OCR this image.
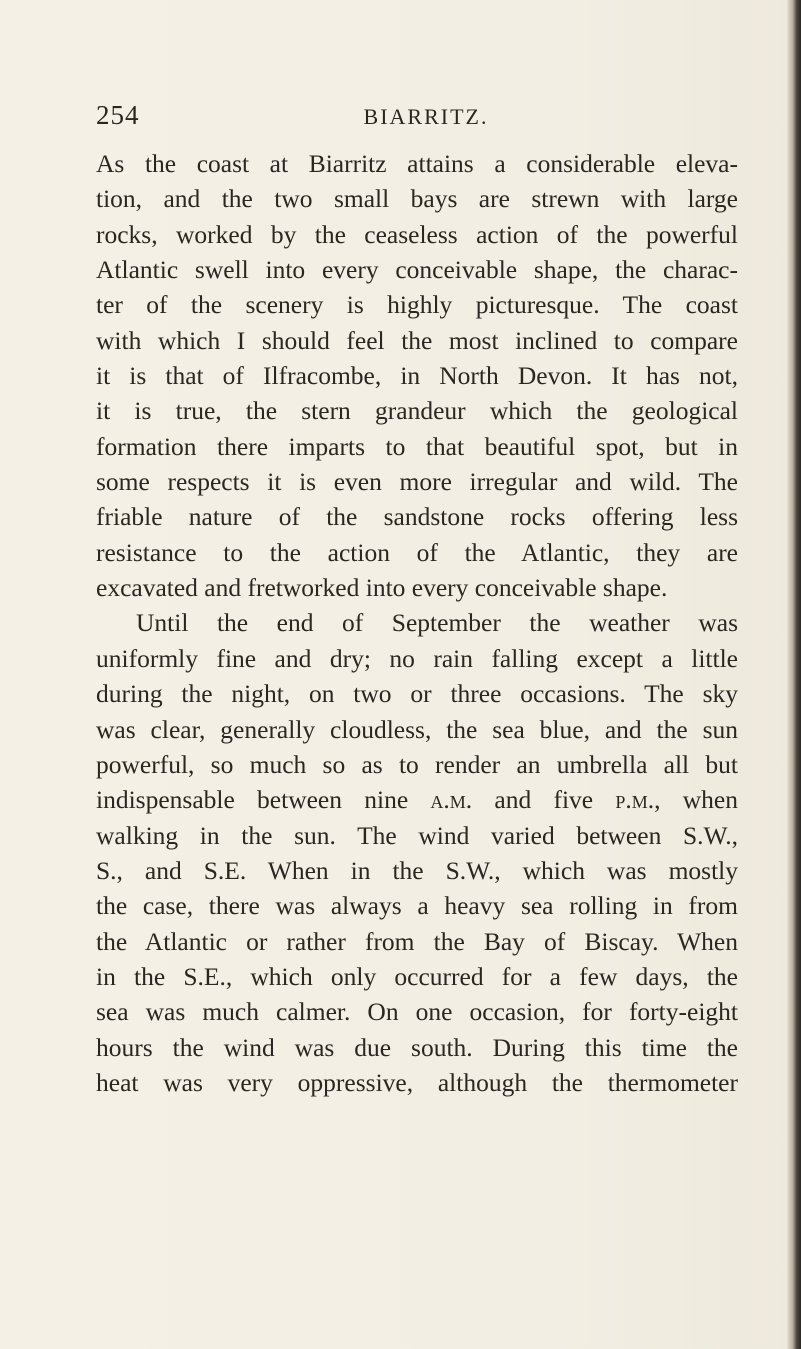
254	BIARRITZ.
As the coast at Biarritz attains a considerable eleva-
tion, and the two small bays are strewn with large
rocks, worked by the ceaseless action of the powerful
Atlantic swell into every conceivable shape, the charac-
ter of the scenery is highly picturesque. The coast
with which I should feel the most inclined to compare
it is that of Ilfracombe, in North Devon. It has not,
it is true, the stern grandeur which the geological
formation there imparts to that beautiful spot, but in
some respects it is even more irregular and wild. The
friable nature of the sandstone rocks offering less
resistance to the action of the Atlantic, they are
excavated and fretworked into every conceivable shape.
Until the end of September the weather was
uniformly fine and dry; no rain falling except a little
during the night, on two or three occasions. The sky
was clear, generally cloudless, the sea blue, and the sun
powerful, so much so as to render an umbrella all but
indispensable between nine a.m. and five p.m., when
walking in the sun. The wind varied between S.W.,
S., and S.E. When in the S.W., which was mostly
the case, there was always a heavy sea rolling in from
the Atlantic or rather from the Bay of Biscay. When
in the S.E., which only occurred for a few days, the
sea was much calmer. On one occasion, for forty-eight
hours the wind was due south. During this time the
heat was very oppressive, although the thermometer
